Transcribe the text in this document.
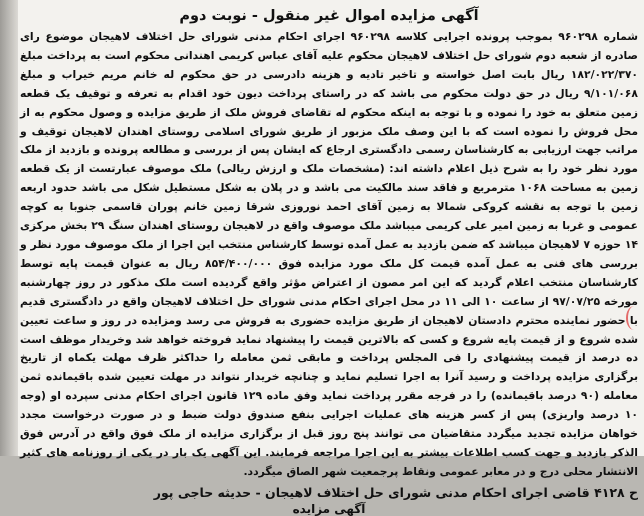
آگهی مزایده اموال غیر منقول - نوبت دوم

شماره ۹۶۰۲۹۸ بموجب پرونده اجرایی کلاسه ۹۶۰۲۹۸ اجرای احکام مدنی شورای حل اختلاف لاهیجان موضوع رای صادره از شعبه دوم شورای حل اختلاف لاهیجان محکوم علیه آقای عباس کریمی اهندانی محکوم است به پرداخت مبلغ ۱۸۲/۰۲۲/۳۷۰ ریال بابت اصل خواسته و تاخیر تادیه و هزینه دادرسی در حق محکوم له خانم مریم خیراب و مبلغ ۹/۱۰۱/۰۶۸ ریال در حق دولت محکوم می باشد که در راستای پرداخت دیون خود اقدام به تعرفه و توقیف یک قطعه زمین متعلق به خود را نموده و با توجه به اینکه محکوم له تقاضای فروش ملک از طریق مزایده و وصول محکوم به از محل فروش را نموده است که با این وصف ملک مزبور از طریق شورای اسلامی روستای اهندان لاهیجان توقیف و مراتب جهت ارزیابی به کارشناسان رسمی دادگستری ارجاع که ایشان پس از بررسی و مطالعه پرونده و بازدید از ملک مورد نظر خود را به شرح ذیل اعلام داشته اند: (مشخصات ملک و ارزش ریالی) ملک موصوف عبارتست از یک قطعه زمین به مساحت ۱۰۶۸ مترمربع و فاقد سند مالکیت می باشد و در پلان به شکل مستطیل شکل می باشد حدود اربعه زمین با توجه به نقشه کروکی شمالا به زمین آقای احمد نوروزی شرقا زمین خانم پوران قاسمی جنوبا به کوچه عمومی و غربا به زمین امیر علی کریمی میباشد ملک موصوف واقع در لاهیجان روستای اهندان سنگ ۲۹ بخش مرکزی ۱۴ حوزه ۷ لاهیجان میباشد که ضمن بازدید به عمل آمده توسط کارشناس منتخب این اجرا از ملک موصوف مورد نظر و بررسی های فنی به عمل آمده قیمت کل ملک مورد مزایده فوق ۸۵۴/۴۰۰/۰۰۰ ریال به عنوان قیمت پایه توسط کارشناسان منتخب اعلام گردید که این امر مصون از اعتراض مؤثر واقع گردیده است ملک مذکور در روز چهارشنبه مورخه ۹۷/۰۷/۲۵ از ساعت ۱۰ الی ۱۱ در محل اجرای احکام مدنی شورای حل اختلاف لاهیجان واقع در دادگستری قدیم با حضور نماینده محترم دادستان لاهیجان از طریق مزایده حضوری به فروش می رسد ومزایده در روز و ساعت تعیین شده شروع و از قیمت پایه شروع و کسی که بالاترین قیمت را پیشنهاد نماید فروخته خواهد شد وخریدار موظف است ده درصد از قیمت پیشنهادی را فی المجلس پرداخت و مابقی ثمن معامله را حداکثر ظرف مهلت یکماه از تاریخ برگزاری مزایده پرداخت و رسید آنرا به اجرا تسلیم نماید و چنانچه خریدار نتواند در مهلت تعیین شده باقیمانده ثمن معامله (۹۰ درصد باقیمانده) را در فرجه مقرر پرداخت نماید وفق ماده ۱۲۹ قانون اجرای احکام مدنی سپرده او (وجه ۱۰ درصد واریزی) پس از کسر هزینه های عملیات اجرایی بنفع صندوق دولت ضبط و در صورت درخواست مجدد خواهان مزایده تجدید میگردد متقاضیان می توانند پنج روز قبل از برگزاری مزایده از ملک فوق واقع در آدرس فوق الذکر بازدید و جهت کسب اطلاعات بیشتر به این اجرا مراجعه فرمایند. این آگهی یک بار در یکی از روزنامه های کثیر الانتشار محلی درج و در معابر عمومی ونقاط پرجمعیت شهر الصاق میگردد.

ح ۴۱۲۸ قاضی اجرای احکام مدنی شورای حل اختلاف لاهیجان - حدیثه حاجی پور
آگهی مزایده
